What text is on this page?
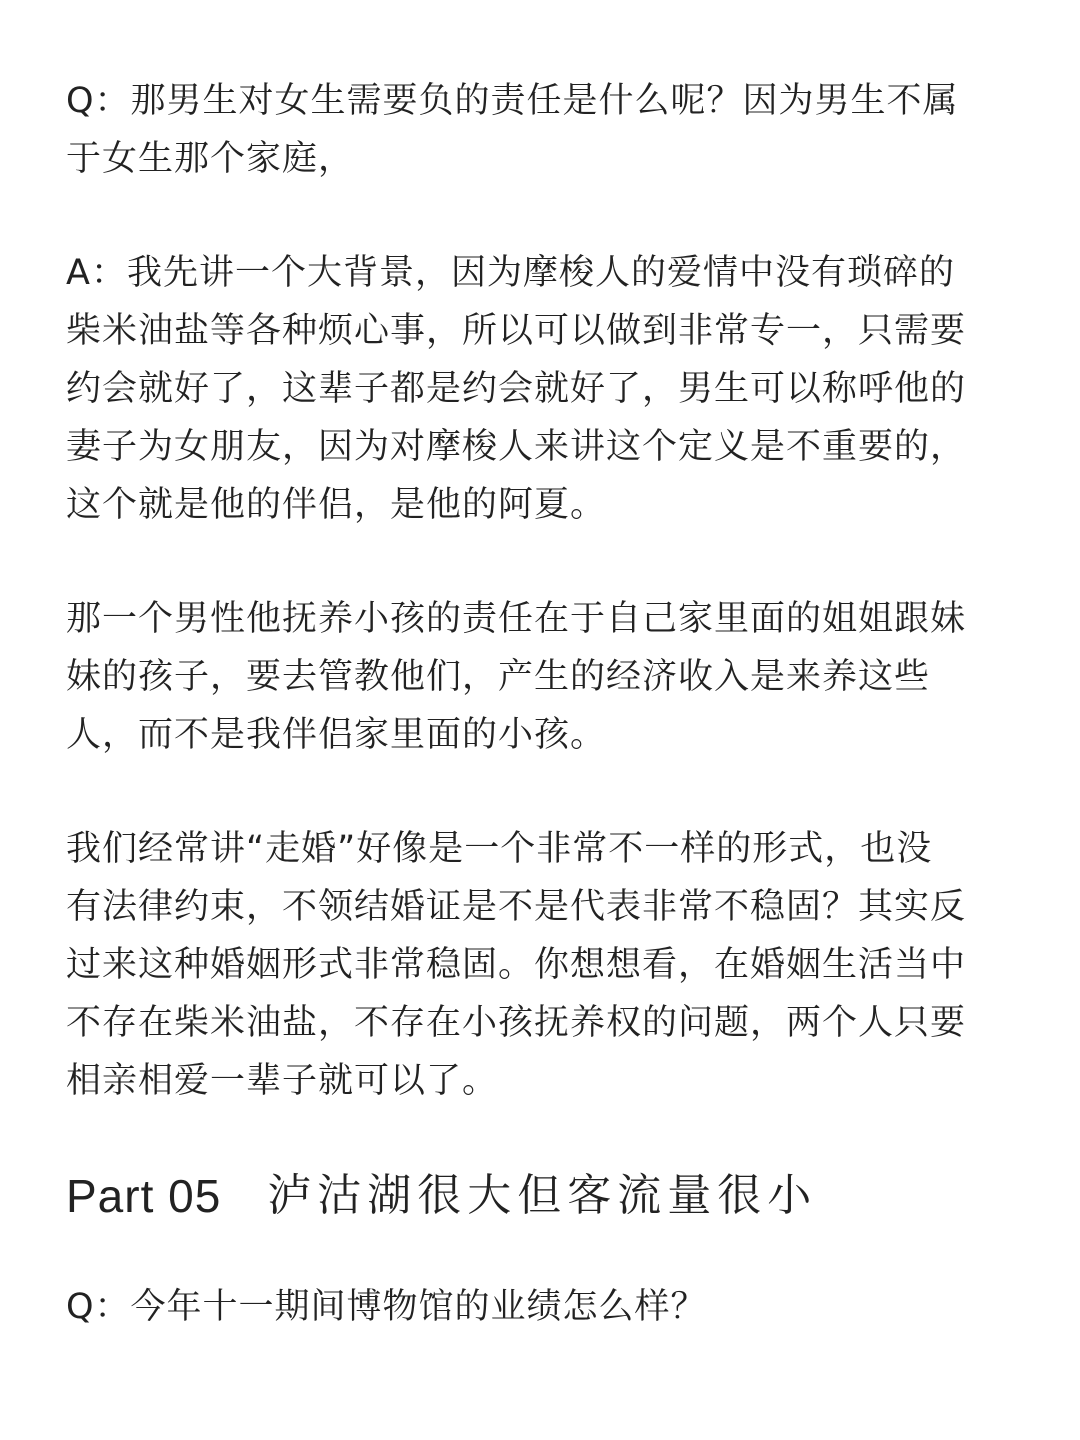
Q：那男生对女生需要负的责任是什么呢？因为男生不属
于女生那个家庭，

A：我先讲一个大背景，因为摩梭人的爱情中没有琐碎的
柴米油盐等各种烦心事，所以可以做到非常专一，只需要
约会就好了，这辈子都是约会就好了，男生可以称呼他的
妻子为女朋友，因为对摩梭人来讲这个定义是不重要的，
这个就是他的伴侣，是他的阿夏。

那一个男性他抚养小孩的责任在于自己家里面的姐姐跟妹
妹的孩子，要去管教他们，产生的经济收入是来养这些
人，而不是我伴侣家里面的小孩。

我们经常讲“走婚”好像是一个非常不一样的形式，也没
有法律约束，不领结婚证是不是代表非常不稳固？其实反
过来这种婚姻形式非常稳固。你想想看，在婚姻生活当中
不存在柴米油盐，不存在小孩抚养权的问题，两个人只要
相亲相爱一辈子就可以了。

Part 05 泸沽湖很大但客流量很小

Q：今年十一期间博物馆的业绩怎么样？
